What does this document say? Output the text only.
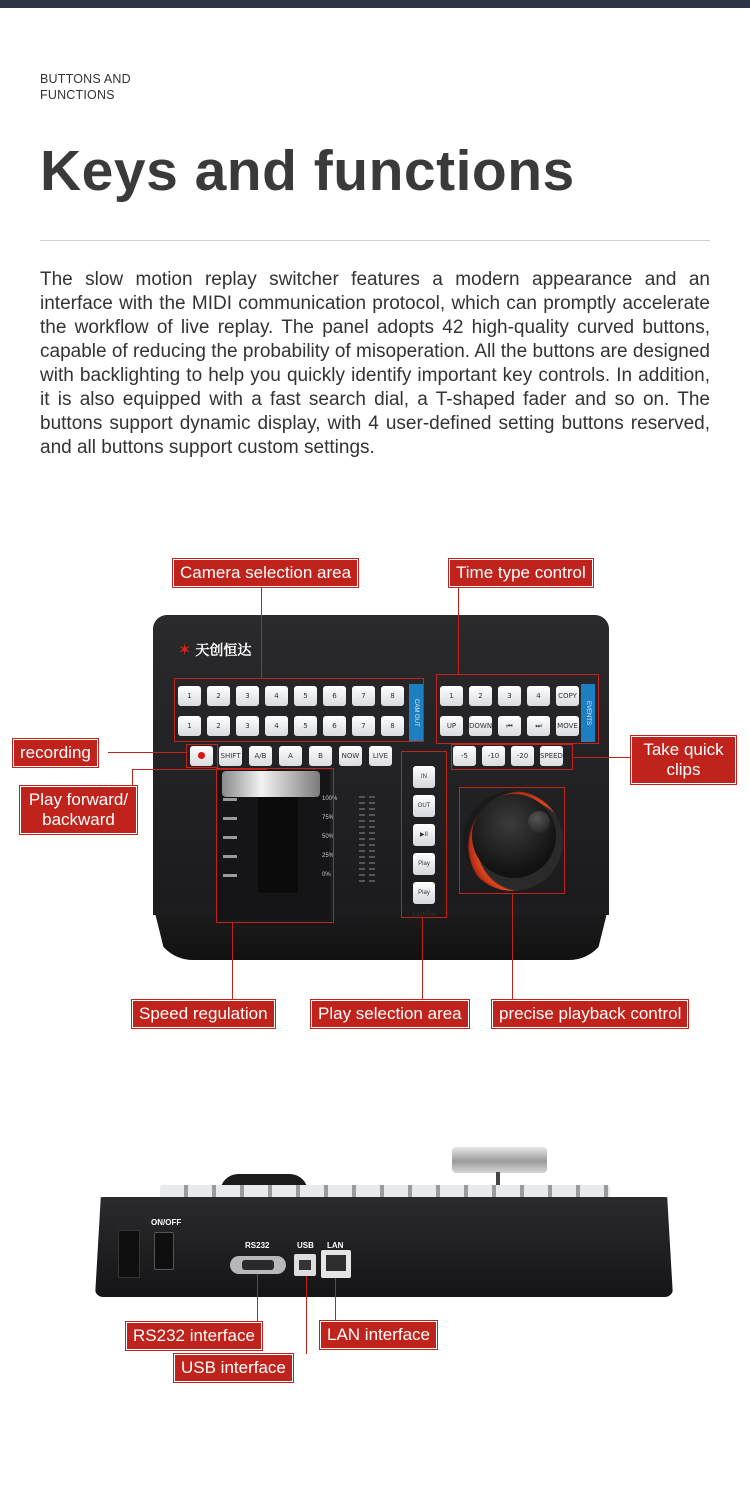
BUTTONS AND
FUNCTIONS
Keys and functions

The slow motion replay switcher features a modern appearance and an interface with the MIDI communication protocol, which can promptly accelerate the workflow of live replay. The panel adopts 42 high-quality curved buttons, capable of reducing the probability of misoperation. All the buttons are designed with backlighting to help you quickly identify important key controls. In addition, it is also equipped with a fast search dial, a T-shaped fader and so on. The buttons support dynamic display, with 4 user-defined setting buttons reserved, and all buttons support custom settings.

✶ 天创恒达
1	2	3	4	5	6	7	8
1	2	3	4	5	6	7	8	CAM OUT
1	2	3	4	COPY
UP	DOWN	⏮	⏭	MOVE
EVENTS
SHIFT	A/B	A	B	NOW	LIVE	-5	-10	-20	SPEED
100%
75%
50%
25%
0%
IN
OUT
▶II
Play
Play Last/Rec
Camera selection area	Time type control
recording	Take quick clips
Play forward/ backward
Speed regulation	Play selection area	precise playback control
ON/OFF
RS232	USB LAN
RS232 interface	LAN interface
USB interface
